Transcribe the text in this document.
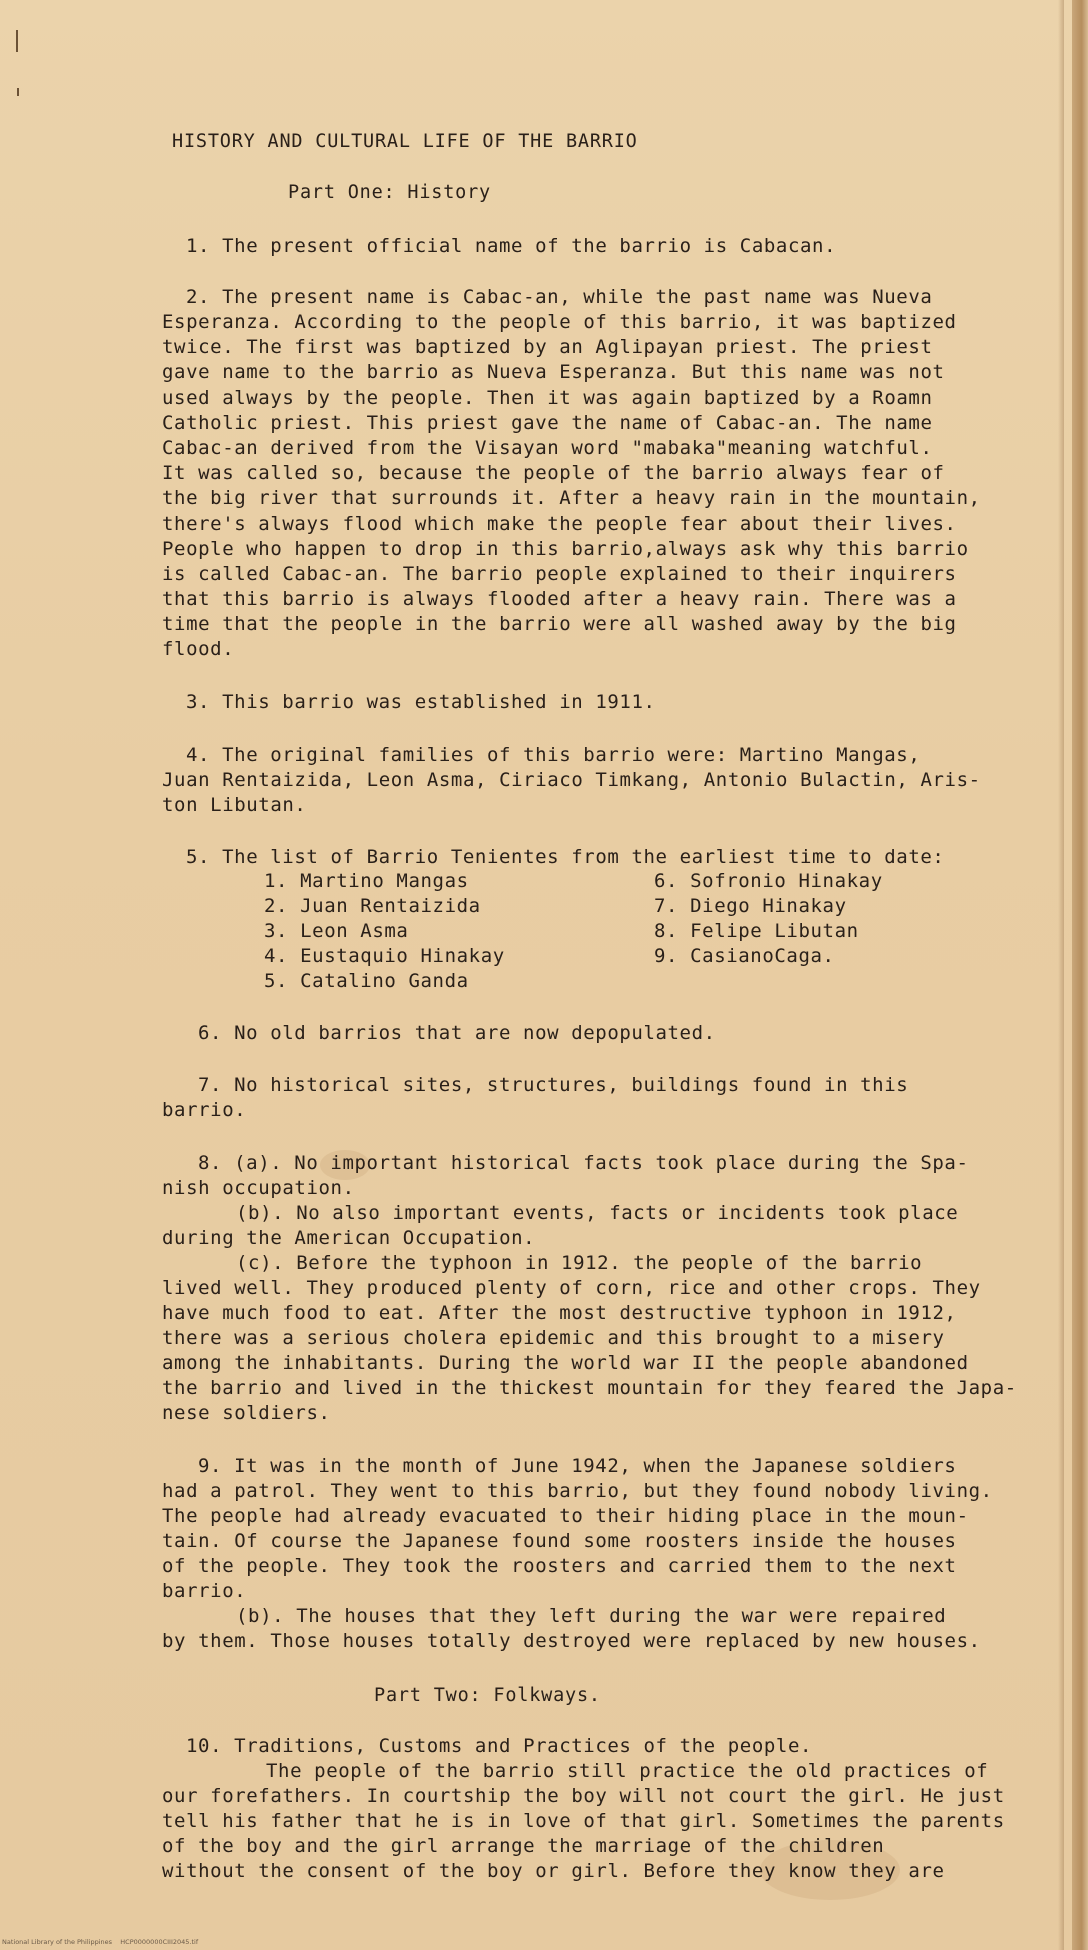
HISTORY AND CULTURAL LIFE OF THE BARRIO
Part One: History
1. The present official name of the barrio is Cabacan.
2. The present name is Cabac-an, while the past name was Nueva
Esperanza. According to the people of this barrio, it was baptized
twice. The first was baptized by an Aglipayan priest. The priest
gave name to the barrio as Nueva Esperanza. But this name was not
used always by the people. Then it was again baptized by a Roamn
Catholic priest. This priest gave the name of Cabac-an. The name
Cabac-an derived from the Visayan word "mabaka"meaning watchful.
It was called so, because the people of the barrio always fear of
the big river that surrounds it. After a heavy rain in the mountain,
there's always flood which make the people fear about their lives.
People who happen to drop in this barrio,always ask why this barrio
is called Cabac-an. The barrio people explained to their inquirers
that this barrio is always flooded after a heavy rain. There was a
time that the people in the barrio were all washed away by the big
flood.
3. This barrio was established in 1911.
4. The original families of this barrio were: Martino Mangas,
Juan Rentaizida, Leon Asma, Ciriaco Timkang, Antonio Bulactin, Aris-
ton Libutan.
5. The list of Barrio Tenientes from the earliest time to date:
1. Martino Mangas
2. Juan Rentaizida
3. Leon Asma
4. Eustaquio Hinakay
5. Catalino Ganda
6. Sofronio Hinakay
7. Diego Hinakay
8. Felipe Libutan
9. CasianoCaga.
6. No old barrios that are now depopulated.
7. No historical sites, structures, buildings found in this
barrio.
8. (a). No important historical facts took place during the Spa-
nish occupation.
(b). No also important events, facts or incidents took place
during the American Occupation.
(c). Before the typhoon in 1912. the people of the barrio
lived well. They produced plenty of corn, rice and other crops. They
have much food to eat. After the most destructive typhoon in 1912,
there was a serious cholera epidemic and this brought to a misery
among the inhabitants. During the world war II the people abandoned
the barrio and lived in the thickest mountain for they feared the Japa-
nese soldiers.
9. It was in the month of June 1942, when the Japanese soldiers
had a patrol. They went to this barrio, but they found nobody living.
The people had already evacuated to their hiding place in the moun-
tain. Of course the Japanese found some roosters inside the houses
of the people. They took the roosters and carried them to the next
barrio.
(b). The houses that they left during the war were repaired
by them. Those houses totally destroyed were replaced by new houses.
Part Two: Folkways.
10. Traditions, Customs and Practices of the people.
The people of the barrio still practice the old practices of
our forefathers. In courtship the boy will not court the girl. He just
tell his father that he is in love of that girl. Sometimes the parents
of the boy and the girl arrange the marriage of the children
without the consent of the boy or girl. Before they know they are
National Library of the Philippines    HCP0000000CIII2045.tif
